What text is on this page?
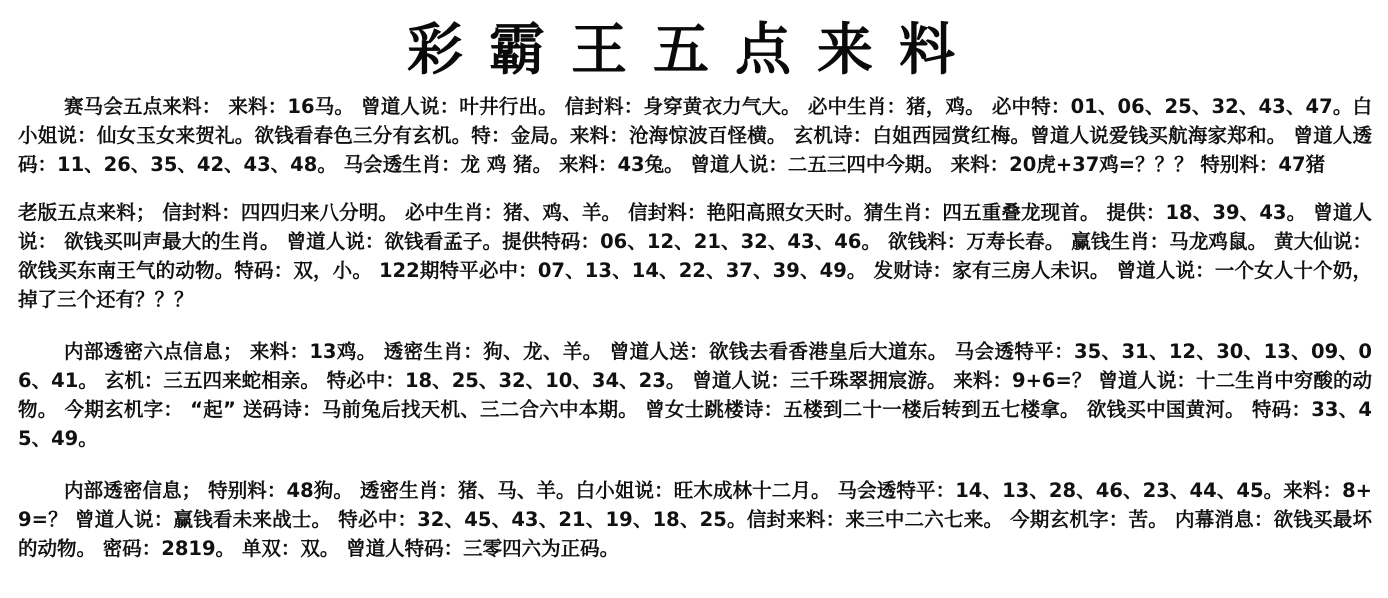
彩霸王五点来料

赛马会五点来料： 来料：16马。 曾道人说：叶井行出。 信封料：身穿黄衣力气大。 必中生肖：猪，鸡。 必中特：01、06、25、32、43、47。白小姐说：仙女玉女来贺礼。欲钱看春色三分有玄机。特：金局。来料：沧海惊波百怪横。 玄机诗：白姐西园赏红梅。曾道人说爱钱买航海家郑和。 曾道人透码：11、26、35、42、43、48。 马会透生肖：龙 鸡 猪。 来料：43兔。 曾道人说：二五三四中今期。 来料：20虎+37鸡=？？？ 特别料：47猪

老版五点来料； 信封料：四四归来八分明。 必中生肖：猪、鸡、羊。 信封料：艳阳高照女天时。猜生肖：四五重叠龙现首。 提供：18、39、43。 曾道人说： 欲钱买叫声最大的生肖。 曾道人说：欲钱看孟子。提供特码：06、12、21、32、43、46。 欲钱料：万寿长春。 赢钱生肖：马龙鸡鼠。 黄大仙说：欲钱买东南王气的动物。特码：双，小。 122期特平必中：07、13、14、22、37、39、49。 发财诗：家有三房人未识。 曾道人说：一个女人十个奶，掉了三个还有？？？

内部透密六点信息； 来料：13鸡。 透密生肖：狗、龙、羊。 曾道人送：欲钱去看香港皇后大道东。 马会透特平：35、31、12、30、13、09、06、41。 玄机：三五四来蛇相亲。 特必中：18、25、32、10、34、23。 曾道人说：三千珠翠拥宸游。 来料：9+6=？ 曾道人说：十二生肖中穷酸的动物。 今期玄机字： “起” 送码诗：马前兔后找天机、三二合六中本期。 曾女士跳楼诗：五楼到二十一楼后转到五七楼拿。 欲钱买中国黄河。 特码：33、45、49。

内部透密信息； 特别料：48狗。 透密生肖：猪、马、羊。白小姐说：旺木成林十二月。 马会透特平：14、13、28、46、23、44、45。来料：8+9=？ 曾道人说：赢钱看未来战士。 特必中：32、45、43、21、19、18、25。信封来料：来三中二六七来。 今期玄机字：苦。 内幕消息：欲钱买最坏的动物。 密码：2819。 单双：双。 曾道人特码：三零四六为正码。
